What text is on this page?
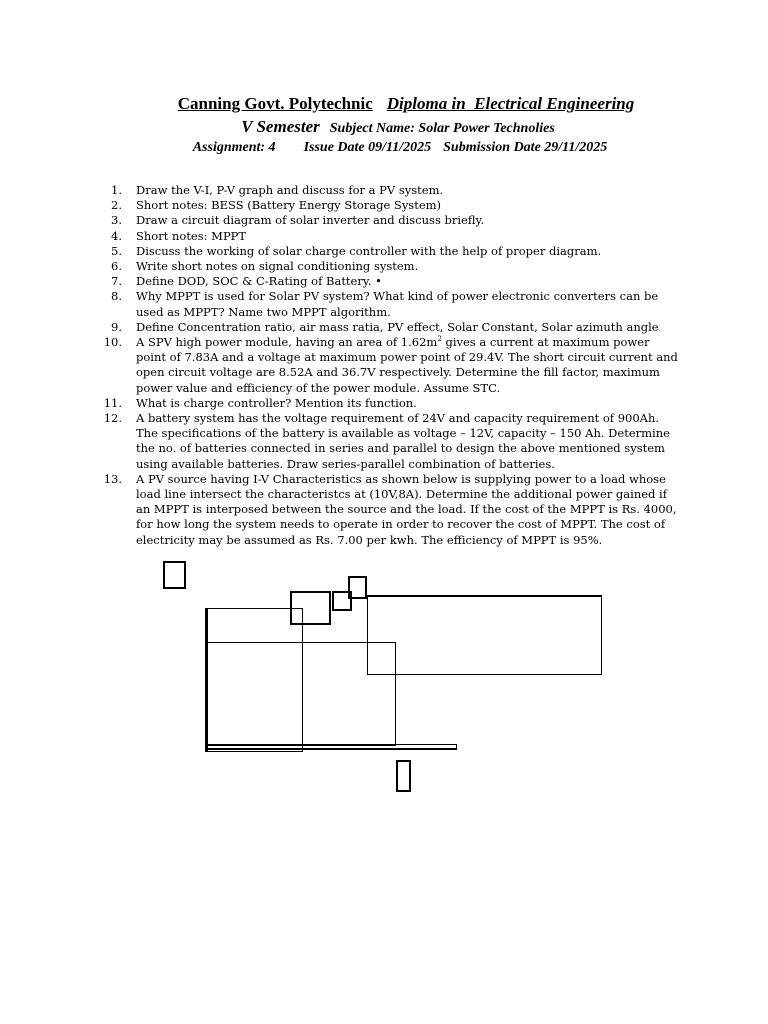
Canning Govt. Polytechnic Diploma in  Electrical Engineering
V Semester Subject Name: Solar Power Technolies
Assignment: 4 Issue Date 09/11/2025 Submission Date 29/11/2025
1. Draw the V-I, P-V graph and discuss for a PV system.
2. Short notes: BESS (Battery Energy Storage System)
3. Draw a circuit diagram of solar inverter and discuss briefly.
4. Short notes: MPPT
5. Discuss the working of solar charge controller with the help of proper diagram.
6. Write short notes on signal conditioning system.
7. Define DOD, SOC & C-Rating of Battery. •
8. Why MPPT is used for Solar PV system? What kind of power electronic converters can be used as MPPT? Name two MPPT algorithm.
9. Define Concentration ratio, air mass ratia, PV effect, Solar Constant, Solar azimuth angle
10. A SPV high power module, having an area of $1.62m^2$ gives a current at maximum power point of 7.83A and a voltage at maximum power point of 29.4V. The short circuit current and open circuit voltage are 8.52A and 36.7V respectively. Determine the fill factor, maximum power value and efficiency of the power module. Assume STC.
11. What is charge controller? Mention its function.
12. A battery system has the voltage requirement of 24V and capacity requirement of 900Ah. The specifications of the battery is available as voltage – 12V, capacity – 150 Ah. Determine the no. of batteries connected in series and parallel to design the above mentioned system using available batteries. Draw series-parallel combination of batteries.
13. A PV source having I-V Characteristics as shown below is supplying power to a load whose load line intersect the characteristcs at (10V,8A). Determine the additional power gained if an MPPT is interposed between the source and the load. If the cost of the MPPT is Rs. 4000, for how long the system needs to operate in order to recover the cost of MPPT. The cost of electricity may be assumed as Rs. 7.00 per kwh. The efficiency of MPPT is 95%.
